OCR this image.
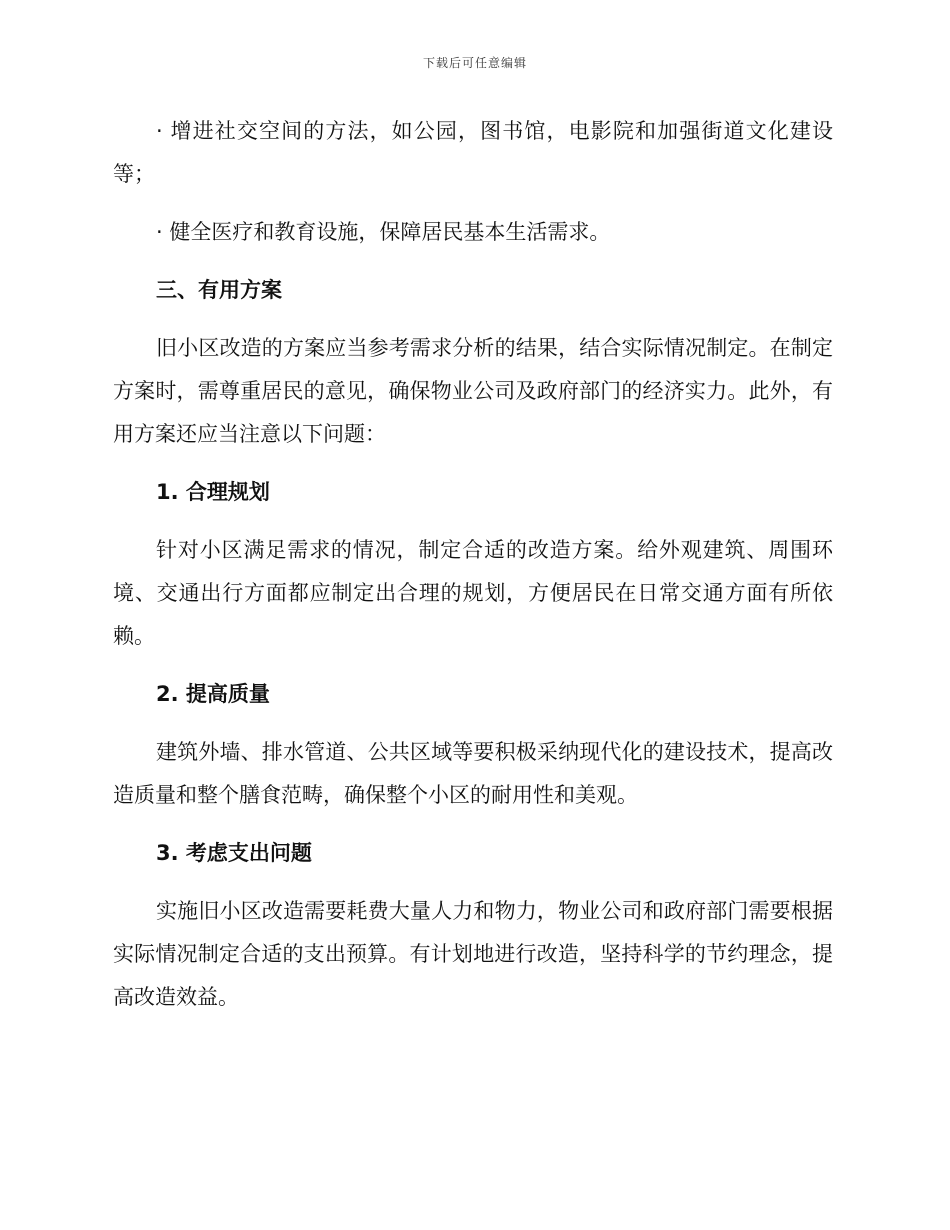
下载后可任意编辑

· 增进社交空间的方法，如公园，图书馆，电影院和加强街道文化建设等；

· 健全医疗和教育设施，保障居民基本生活需求。

三、有用方案

旧小区改造的方案应当参考需求分析的结果，结合实际情况制定。在制定方案时，需尊重居民的意见，确保物业公司及政府部门的经济实力。此外，有用方案还应当注意以下问题：

1. 合理规划

针对小区满足需求的情况，制定合适的改造方案。给外观建筑、周围环境、交通出行方面都应制定出合理的规划，方便居民在日常交通方面有所依赖。

2. 提高质量

建筑外墙、排水管道、公共区域等要积极采纳现代化的建设技术，提高改造质量和整个膳食范畴，确保整个小区的耐用性和美观。

3. 考虑支出问题

实施旧小区改造需要耗费大量人力和物力，物业公司和政府部门需要根据实际情况制定合适的支出预算。有计划地进行改造，坚持科学的节约理念，提高改造效益。
